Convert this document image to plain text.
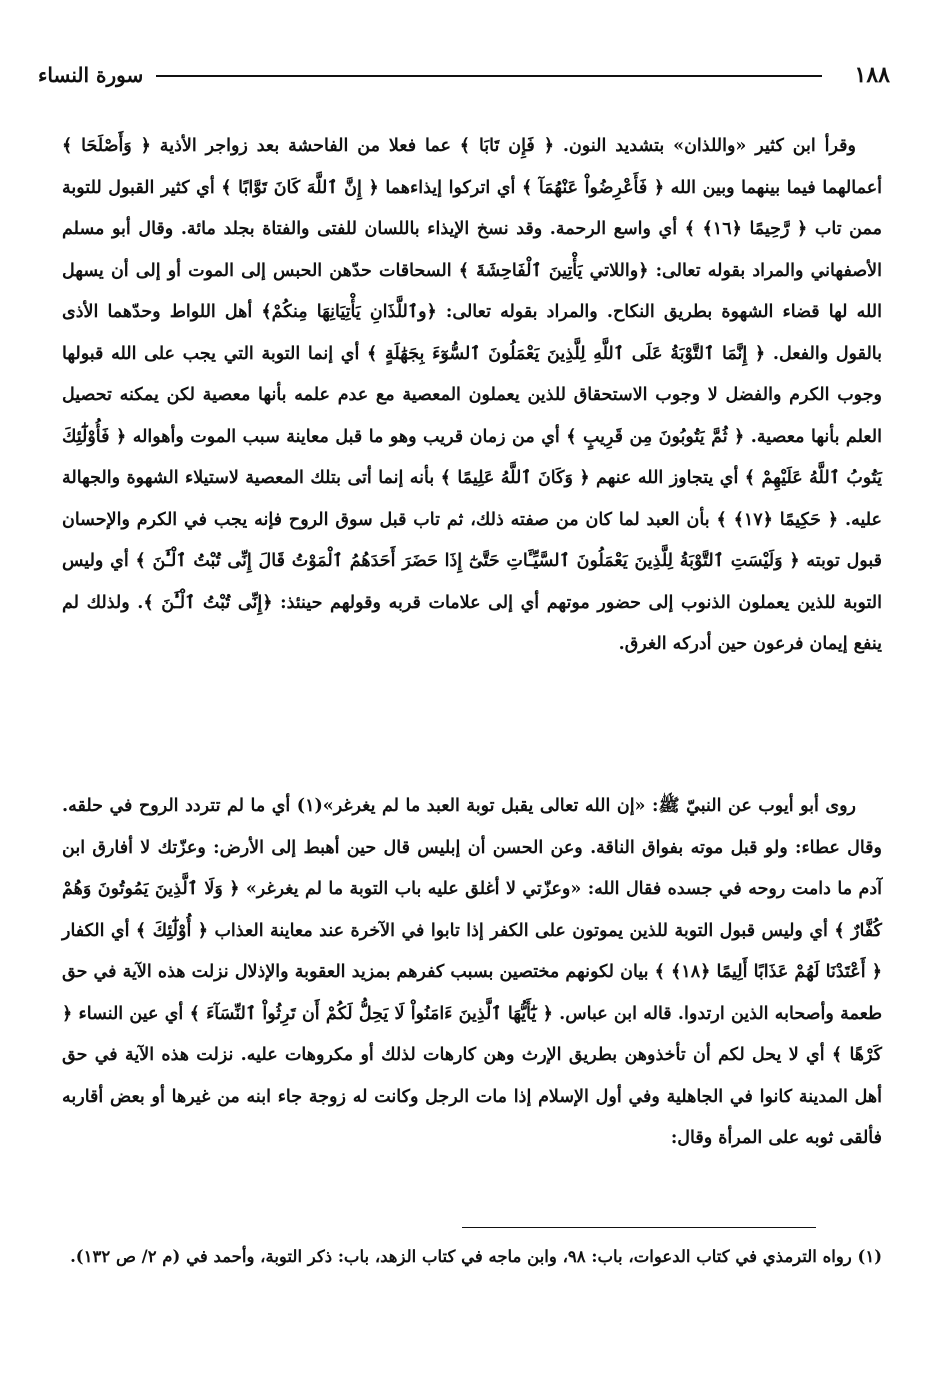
١٨٨
سورة النساء

وقرأ ابن كثير «واللذان» بتشديد النون. ﴿ فَإِن تَابَا ﴾ عما فعلا من الفاحشة بعد زواجر الأذية ﴿ وَأَصْلَحَا ﴾ أعمالهما فيما بينهما وبين الله ﴿ فَأَعْرِضُواْ عَنْهُمَآ ﴾ أي اتركوا إيذاءهما ﴿ إِنَّ ٱللَّهَ كَانَ تَوَّابًا ﴾ أي كثير القبول للتوبة ممن تاب ﴿ رَّحِيمًا ﴿١٦﴾ ﴾ أي واسع الرحمة. وقد نسخ الإيذاء باللسان للفتى والفتاة بجلد مائة. وقال أبو مسلم الأصفهاني والمراد بقوله تعالى: ﴿واللاتي يَأْتِينَ ٱلْفَاحِشَةَ ﴾ السحاقات حدّهن الحبس إلى الموت أو إلى أن يسهل الله لها قضاء الشهوة بطريق النكاح. والمراد بقوله تعالى: ﴿وٱللَّذَانِ يَأْتِيَانِهَا مِنكُمْ﴾ أهل اللواط وحدّهما الأذى بالقول والفعل. ﴿ إِنَّمَا ٱلتَّوْبَةُ عَلَى ٱللَّهِ لِلَّذِينَ يَعْمَلُونَ ٱلسُّوٓءَ بِجَهَٰلَةٍ ﴾ أي إنما التوبة التي يجب على الله قبولها وجوب الكرم والفضل لا وجوب الاستحقاق للذين يعملون المعصية مع عدم علمه بأنها معصية لكن يمكنه تحصيل العلم بأنها معصية. ﴿ ثُمَّ يَتُوبُونَ مِن قَرِيبٍ ﴾ أي من زمان قريب وهو ما قبل معاينة سبب الموت وأهواله ﴿ فَأُوْلَٰٓئِكَ يَتُوبُ ٱللَّهُ عَلَيْهِمْ ﴾ أي يتجاوز الله عنهم ﴿ وَكَانَ ٱللَّهُ عَلِيمًا ﴾ بأنه إنما أتى بتلك المعصية لاستيلاء الشهوة والجهالة عليه. ﴿ حَكِيمًا ﴿١٧﴾ ﴾ بأن العبد لما كان من صفته ذلك، ثم تاب قبل سوق الروح فإنه يجب في الكرم والإحسان قبول توبته ﴿ وَلَيْسَتِ ٱلتَّوْبَةُ لِلَّذِينَ يَعْمَلُونَ ٱلسَّيِّـَٔاتِ حَتَّىٰٓ إِذَا حَضَرَ أَحَدَهُمُ ٱلْمَوْتُ قَالَ إِنِّى تُبْتُ ٱلْـَٰٔنَ ﴾ أي وليس التوبة للذين يعملون الذنوب إلى حضور موتهم أي إلى علامات قربه وقولهم حينئذ: ﴿إِنِّى تُبْتُ ٱلْـَٰٔنَ ﴾. ولذلك لم ينفع إيمان فرعون حين أدركه الغرق.

روى أبو أيوب عن النبيّ ﷺ: «إن الله تعالى يقبل توبة العبد ما لم يغرغر»(١) أي ما لم تتردد الروح في حلقه. وقال عطاء: ولو قبل موته بفواق الناقة. وعن الحسن أن إبليس قال حين أهبط إلى الأرض: وعزّتك لا أفارق ابن آدم ما دامت روحه في جسده فقال الله: «وعزّتي لا أغلق عليه باب التوبة ما لم يغرغر» ﴿ وَلَا ٱلَّذِينَ يَمُوتُونَ وَهُمْ كُفَّارٌ ﴾ أي وليس قبول التوبة للذين يموتون على الكفر إذا تابوا في الآخرة عند معاينة العذاب ﴿ أُوْلَٰٓئِكَ ﴾ أي الكفار ﴿ أَعْتَدْنَا لَهُمْ عَذَابًا أَلِيمًا ﴿١٨﴾ ﴾ بيان لكونهم مختصين بسبب كفرهم بمزيد العقوبة والإذلال نزلت هذه الآية في حق طعمة وأصحابه الذين ارتدوا. قاله ابن عباس. ﴿ يَٰٓأَيُّهَا ٱلَّذِينَ ءَامَنُواْ لَا يَحِلُّ لَكُمْ أَن تَرِثُواْ ٱلنِّسَآءَ ﴾ أي عين النساء ﴿ كَرْهًا ﴾ أي لا يحل لكم أن تأخذوهن بطريق الإرث وهن كارهات لذلك أو مكروهات عليه. نزلت هذه الآية في حق أهل المدينة كانوا في الجاهلية وفي أول الإسلام إذا مات الرجل وكانت له زوجة جاء ابنه من غيرها أو بعض أقاربه فألقى ثوبه على المرأة وقال:

(١) رواه الترمذي في كتاب الدعوات، باب: ٩٨، وابن ماجه في كتاب الزهد، باب: ذكر التوبة، وأحمد في (م ٢/ ص ١٣٢).
